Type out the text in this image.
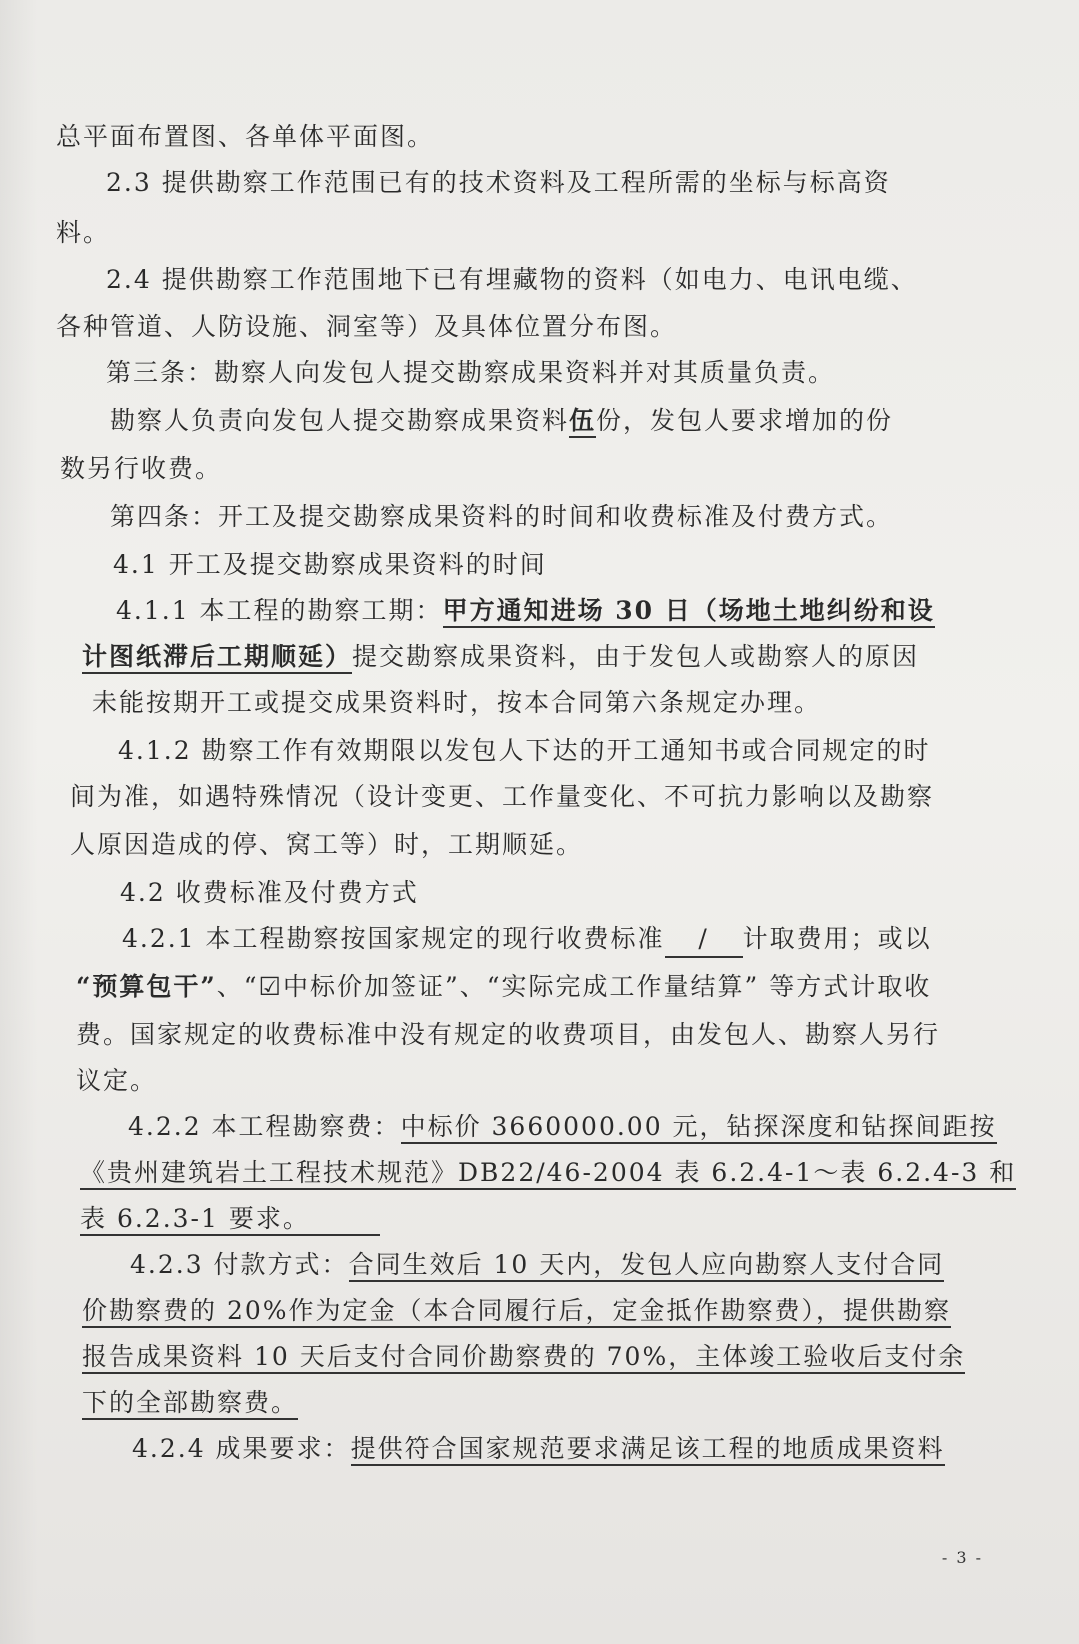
总平面布置图、各单体平面图。
2.3 提供勘察工作范围已有的技术资料及工程所需的坐标与标高资
料。
2.4 提供勘察工作范围地下已有埋藏物的资料（如电力、电讯电缆、
各种管道、人防设施、洞室等）及具体位置分布图。
第三条：勘察人向发包人提交勘察成果资料并对其质量负责。
勘察人负责向发包人提交勘察成果资料伍份，发包人要求增加的份
数另行收费。
第四条：开工及提交勘察成果资料的时间和收费标准及付费方式。
4.1 开工及提交勘察成果资料的时间
4.1.1 本工程的勘察工期：甲方通知进场 30 日（场地土地纠纷和设
计图纸滞后工期顺延）提交勘察成果资料，由于发包人或勘察人的原因
未能按期开工或提交成果资料时，按本合同第六条规定办理。
4.1.2 勘察工作有效期限以发包人下达的开工通知书或合同规定的时
间为准，如遇特殊情况（设计变更、工作量变化、不可抗力影响以及勘察
人原因造成的停、窝工等）时，工期顺延。
4.2 收费标准及付费方式
4.2.1 本工程勘察按国家规定的现行收费标准 / 计取费用；或以
“预算包干”、“☑中标价加签证”、“实际完成工作量结算” 等方式计取收
费。国家规定的收费标准中没有规定的收费项目，由发包人、勘察人另行
议定。
4.2.2 本工程勘察费：中标价 3660000.00 元，钻探深度和钻探间距按
《贵州建筑岩土工程技术规范》DB22/46-2004 表 6.2.4-1～表 6.2.4-3 和
表 6.2.3-1 要求。
4.2.3 付款方式：合同生效后 10 天内，发包人应向勘察人支付合同
价勘察费的 20%作为定金（本合同履行后，定金抵作勘察费），提供勘察
报告成果资料 10 天后支付合同价勘察费的 70%，主体竣工验收后支付余
下的全部勘察费。
4.2.4 成果要求：提供符合国家规范要求满足该工程的地质成果资料
- 3 -
